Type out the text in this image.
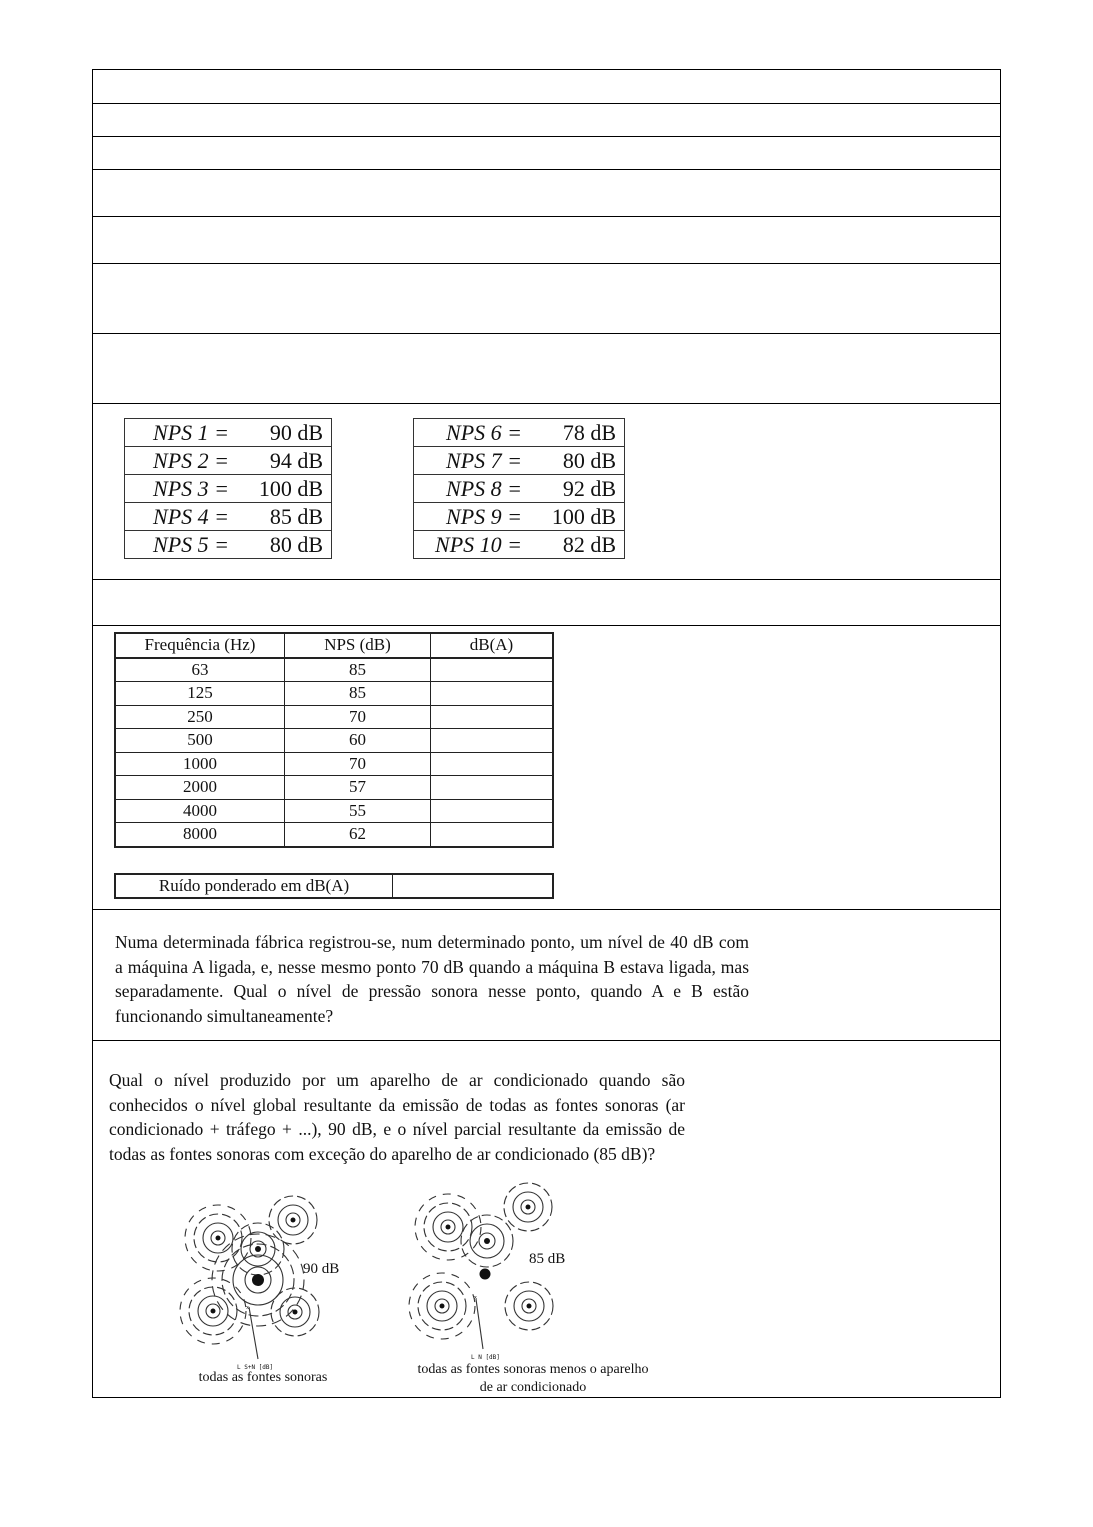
NPS 1 =	90 dB
NPS 2 =	94 dB
NPS 3 =	100 dB
NPS 4 =	85 dB
NPS 5 =	80 dB
NPS 6 =	78 dB
NPS 7 =	80 dB
NPS 8 =	92 dB
NPS 9 =	100 dB
NPS 10 =	82 dB
Frequência (Hz)	NPS (dB)	dB(A)
63	85	
125	85	
250	70	
500	60	
1000	70	
2000	57	
4000	55	
8000	62	
Ruído ponderado em dB(A)	
Numa determinada fábrica registrou-se, num determinado ponto, um nível de 40 dB com a máquina A ligada, e, nesse mesmo ponto 70 dB quando a máquina B estava ligada, mas separadamente. Qual o nível de pressão sonora nesse ponto, quando A e B estão funcionando simultaneamente?
Qual o nível produzido por um aparelho de ar condicionado quando são conhecidos o nível global resultante da emissão de todas as fontes sonoras (ar condicionado + tráfego + ...), 90 dB, e o nível parcial resultante da emissão de todas as fontes sonoras com exceção do aparelho de ar condicionado (85 dB)?
x
90 dB
L S+N [dB]
todas as fontes sonoras
x
85 dB
L N [dB]
todas as fontes sonoras menos o aparelho
de ar condicionado
